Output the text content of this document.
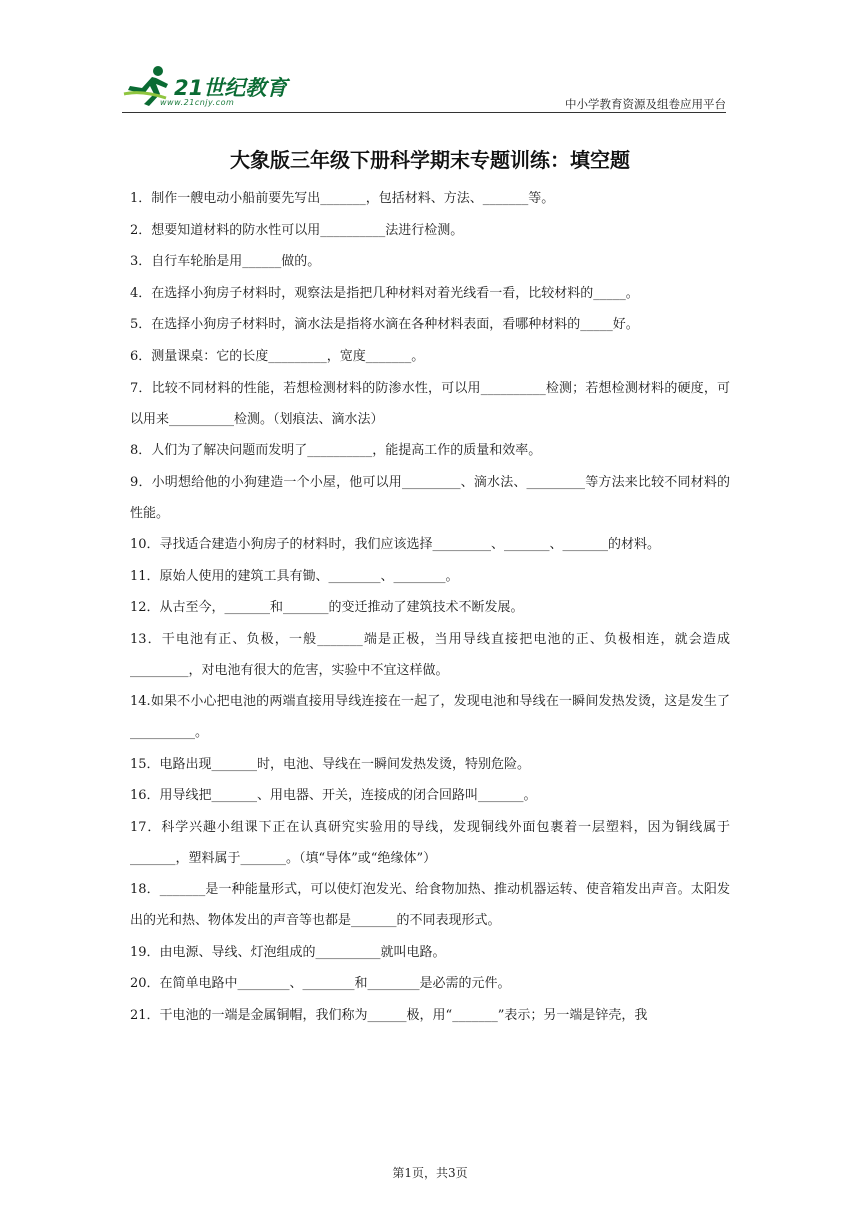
21世纪教育
www.21cnjy.com	中小学教育资源及组卷应用平台
大象版三年级下册科学期末专题训练：填空题

1．制作一艘电动小船前要先写出_______，包括材料、方法、_______等。

2．想要知道材料的防水性可以用__________法进行检测。

3．自行车轮胎是用______做的。

4．在选择小狗房子材料时，观察法是指把几种材料对着光线看一看，比较材料的_____。

5．在选择小狗房子材料时，滴水法是指将水滴在各种材料表面，看哪种材料的_____好。

6．测量课桌：它的长度_________，宽度_______。

7．比较不同材料的性能，若想检测材料的防渗水性，可以用__________检测；若想检测材料的硬度，可以用来__________检测。（划痕法、滴水法）

8．人们为了解决问题而发明了__________，能提高工作的质量和效率。

9．小明想给他的小狗建造一个小屋，他可以用_________、滴水法、_________等方法来比较不同材料的性能。

10．寻找适合建造小狗房子的材料时，我们应该选择_________、_______、_______的材料。

11．原始人使用的建筑工具有锄、________、________。

12．从古至今，_______和_______的变迁推动了建筑技术不断发展。

13．干电池有正、负极，一般_______端是正极，当用导线直接把电池的正、负极相连，就会造成_________，对电池有很大的危害，实验中不宜这样做。

14.如果不小心把电池的两端直接用导线连接在一起了，发现电池和导线在一瞬间发热发烫，这是发生了__________。

15．电路出现_______时，电池、导线在一瞬间发热发烫，特别危险。

16．用导线把_______、用电器、开关，连接成的闭合回路叫_______。

17．科学兴趣小组课下正在认真研究实验用的导线，发现铜线外面包裹着一层塑料，因为铜线属于_______，塑料属于_______。（填“导体”或“绝缘体”）

18．_______是一种能量形式，可以使灯泡发光、给食物加热、推动机器运转、使音箱发出声音。太阳发出的光和热、物体发出的声音等也都是_______的不同表现形式。

19．由电源、导线、灯泡组成的__________就叫电路。

20．在简单电路中________、________和________是必需的元件。

21．干电池的一端是金属铜帽，我们称为______极，用“_______”表示；另一端是锌壳，我

第1页，共3页
